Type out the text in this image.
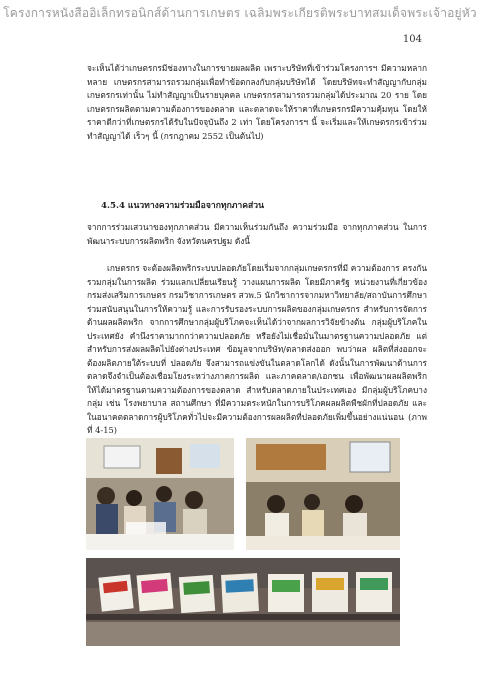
โครงการหนังสืออิเล็กทรอนิกส์ด้านการเกษตร เฉลิมพระเกียรติพระบาทสมเด็จพระเจ้าอยู่หัว
104

จะเห็นได้ว่าเกษตรกรมีช่องทางในการขายผลผลิต เพราะบริษัทที่เข้าร่วมโครงการฯ มีความหลากหลาย เกษตรกรสามารถรวมกลุ่มเพื่อทำข้อตกลงกับกลุ่มบริษัทได้ โดยบริษัทจะทำสัญญากับกลุ่มเกษตรกรเท่านั้น ไม่ทำสัญญาเป็นรายบุคคล เกษตรกรสามารถรวมกลุ่มได้ประมาณ 20 ราย โดยเกษตรกรผลิตตามความต้องการของตลาด และตลาดจะให้ราคาที่เกษตรกรมีความคุ้มทุน โดยให้ราคาดีกว่าที่เกษตรกรได้รับในปัจจุบันถึง 2 เท่า โดยโครงการฯ นี้ จะเริ่มและให้เกษตรกรเข้าร่วมทำสัญญาได้ เร็วๆ นี้ (กรกฎาคม 2552 เป็นต้นไป)

4.5.4 แนวทางความร่วมมือจากทุกภาคส่วน

จากการร่วมเสวนาของทุกภาคส่วน มีความเห็นร่วมกันถึง ความร่วมมือ จากทุกภาคส่วน ในการพัฒนาระบบการผลิตพริก จังหวัดนครปฐม ดังนี้

เกษตรกร จะต้องผลิตพริกระบบปลอดภัยโดยเริ่มจากกลุ่มเกษตรกรที่มี ความต้องการ ตรงกัน รวมกลุ่มในการผลิต ร่วมแลกเปลี่ยนเรียนรู้ วางแผนการผลิต โดยมีภาครัฐ หน่วยงานที่เกี่ยวข้อง กรมส่งเสริมการเกษตร กรมวิชาการเกษตร สวพ.5 นักวิชาการจากมหาวิทยาลัย/สถาบันการศึกษา ร่วมสนับสนุนในการให้ความรู้ และการรับรองระบบการผลิตของกลุ่มเกษตรกร สำหรับการจัดการด้านผลผลิตพริก จากการศึกษากลุ่มผู้บริโภคจะเห็นได้ว่าจากผลการวิจัยข้างต้น กลุ่มผู้บริโภคในประเทศยัง คำนึงราคามากกว่าความปลอดภัย หรือยังไม่เชื่อมั่นในมาตรฐานความปลอดภัย แต่สำหรับการส่งผลผลิตไปยังต่างประเทศ ข้อมูลจากบริษัท/ตลาดส่งออก พบว่าผล ผลิตที่ส่งออกจะต้องผลิตภายใต้ระบบที่ ปลอดภัย จึงสามารถแข่งขันในตลาดโลกได้ ดังนั้นในการพัฒนาด้านการตลาดจึงจำเป็นต้องเชื่อมโยงระหว่างภาคการผลิต และภาคตลาด/เอกชน เพื่อพัฒนาผลผลิตพริกให้ได้มาตรฐานตามความต้องการของตลาด สำหรับตลาดภายในประเทศเอง มีกลุ่มผู้บริโภคบางกลุ่ม เช่น โรงพยาบาล สถานศึกษา ที่มีความตระหนักในการบริโภคผลผลิตพืชผักที่ปลอดภัย และในอนาคตตลาดการผู้บริโภคทั่วไปจะมีความต้องการผลผลิตที่ปลอดภัยเพิ่มขึ้นอย่างแน่นอน (ภาพที่ 4-15)
